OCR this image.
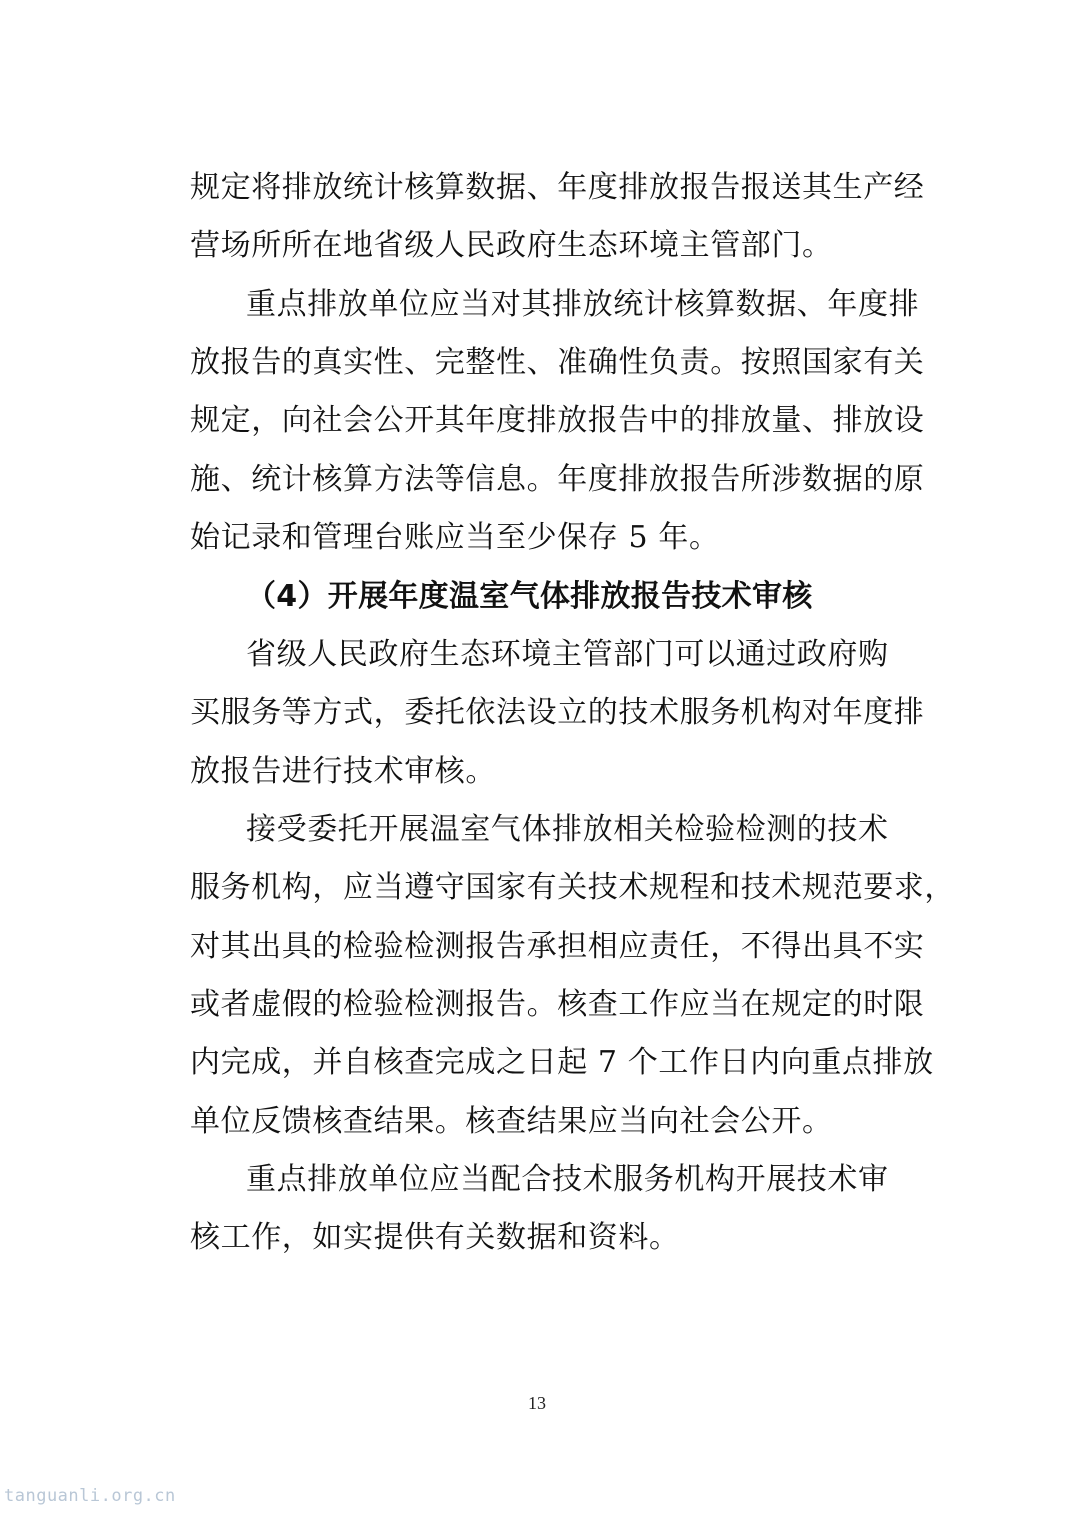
规定将排放统计核算数据、年度排放报告报送其生产经
营场所所在地省级人民政府生态环境主管部门。
重点排放单位应当对其排放统计核算数据、年度排
放报告的真实性、完整性、准确性负责。按照国家有关
规定，向社会公开其年度排放报告中的排放量、排放设
施、统计核算方法等信息。年度排放报告所涉数据的原
始记录和管理台账应当至少保存 5 年。
（4）开展年度温室气体排放报告技术审核
省级人民政府生态环境主管部门可以通过政府购
买服务等方式，委托依法设立的技术服务机构对年度排
放报告进行技术审核。
接受委托开展温室气体排放相关检验检测的技术
服务机构，应当遵守国家有关技术规程和技术规范要求，
对其出具的检验检测报告承担相应责任，不得出具不实
或者虚假的检验检测报告。核查工作应当在规定的时限
内完成，并自核查完成之日起 7 个工作日内向重点排放
单位反馈核查结果。核查结果应当向社会公开。
重点排放单位应当配合技术服务机构开展技术审
核工作，如实提供有关数据和资料。
13
tanguanli.org.cn
